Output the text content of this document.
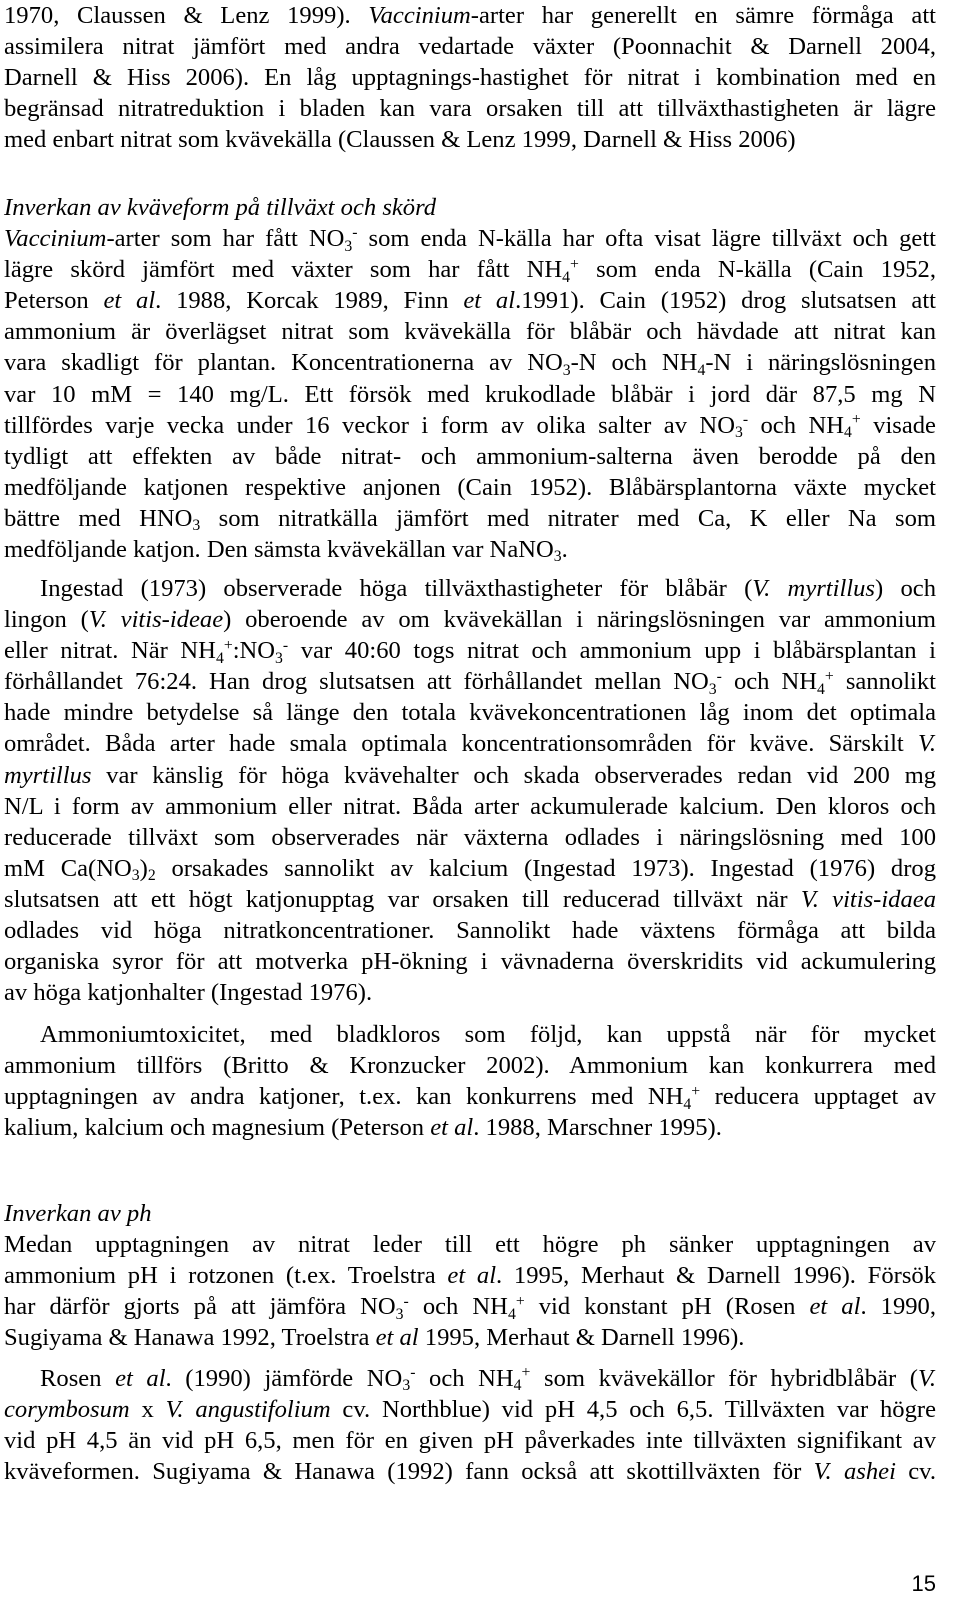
1970, Claussen & Lenz 1999). Vaccinium-arter har generellt en sämre förmåga att
assimilera nitrat jämfört med andra vedartade växter (Poonnachit & Darnell 2004,
Darnell & Hiss 2006). En låg upptagnings-hastighet för nitrat i kombination med en
begränsad nitratreduktion i bladen kan vara orsaken till att tillväxthastigheten är lägre
med enbart nitrat som kvävekälla (Claussen & Lenz 1999, Darnell & Hiss 2006)
Inverkan av kväveform på tillväxt och skörd
Vaccinium-arter som har fått $NO_3^-$ som enda N-källa har ofta visat lägre tillväxt och gett
lägre skörd jämfört med växter som har fått $NH_4^+$ som enda N-källa (Cain 1952,
Peterson et al. 1988, Korcak 1989, Finn et al.1991). Cain (1952) drog slutsatsen att
ammonium är överlägset nitrat som kvävekälla för blåbär och hävdade att nitrat kan
vara skadligt för plantan. Koncentrationerna av $NO_3-N$ och $NH_4-N$ i näringslösningen
var 10 mM = 140 mg/L. Ett försök med krukodlade blåbär i jord där 87,5 mg N
tillfördes varje vecka under 16 veckor i form av olika salter av $NO_3^-$ och $NH_4^+$ visade
tydligt att effekten av både nitrat- och ammonium-salterna även berodde på den
medföljande katjonen respektive anjonen (Cain 1952). Blåbärsplantorna växte mycket
bättre med $HNO_3$ som nitratkälla jämfört med nitrater med Ca, K eller Na som
medföljande katjon. Den sämsta kvävekällan var NaNO$_3$.
Ingestad (1973) observerade höga tillväxthastigheter för blåbär (V. myrtillus) och
lingon (V. vitis-ideae) oberoende av om kvävekällan i näringslösningen var ammonium
eller nitrat. När $NH_4^+:NO_3^-$ var 40:60 togs nitrat och ammonium upp i blåbärsplantan i
förhållandet 76:24. Han drog slutsatsen att förhållandet mellan $NO_3^-$ och $NH_4^+$ sannolikt
hade mindre betydelse så länge den totala kvävekoncentrationen låg inom det optimala
området. Båda arter hade smala optimala koncentrationsområden för kväve. Särskilt V.
myrtillus var känslig för höga kvävehalter och skada observerades redan vid 200 mg
N/L i form av ammonium eller nitrat. Båda arter ackumulerade kalcium. Den kloros och
reducerade tillväxt som observerades när växterna odlades i näringslösning med 100
mM $Ca(NO_3)_2$ orsakades sannolikt av kalcium (Ingestad 1973). Ingestad (1976) drog
slutsatsen att ett högt katjonupptag var orsaken till reducerad tillväxt när V. vitis-idaea
odlades vid höga nitratkoncentrationer. Sannolikt hade växtens förmåga att bilda
organiska syror för att motverka pH-ökning i vävnaderna överskridits vid ackumulering
av höga katjonhalter (Ingestad 1976).
Ammoniumtoxicitet, med bladkloros som följd, kan uppstå när för mycket
ammonium tillförs (Britto & Kronzucker 2002). Ammonium kan konkurrera med
upptagningen av andra katjoner, t.ex. kan konkurrens med $NH_4^+$ reducera upptaget av
kalium, kalcium och magnesium (Peterson et al. 1988, Marschner 1995).
Inverkan av ph
Medan upptagningen av nitrat leder till ett högre ph sänker upptagningen av
ammonium pH i rotzonen (t.ex. Troelstra et al. 1995, Merhaut & Darnell 1996). Försök
har därför gjorts på att jämföra $NO_3^-$ och $NH_4^+$ vid konstant pH (Rosen et al. 1990,
Sugiyama & Hanawa 1992, Troelstra et al 1995, Merhaut & Darnell 1996).
Rosen et al. (1990) jämförde $NO_3^-$ och $NH_4^+$ som kvävekällor för hybridblåbär (V.
corymbosum x V. angustifolium cv. Northblue) vid pH 4,5 och 6,5. Tillväxten var högre
vid pH 4,5 än vid pH 6,5, men för en given pH påverkades inte tillväxten signifikant av
kväveformen. Sugiyama & Hanawa (1992) fann också att skottillväxten för V. ashei cv.
15
